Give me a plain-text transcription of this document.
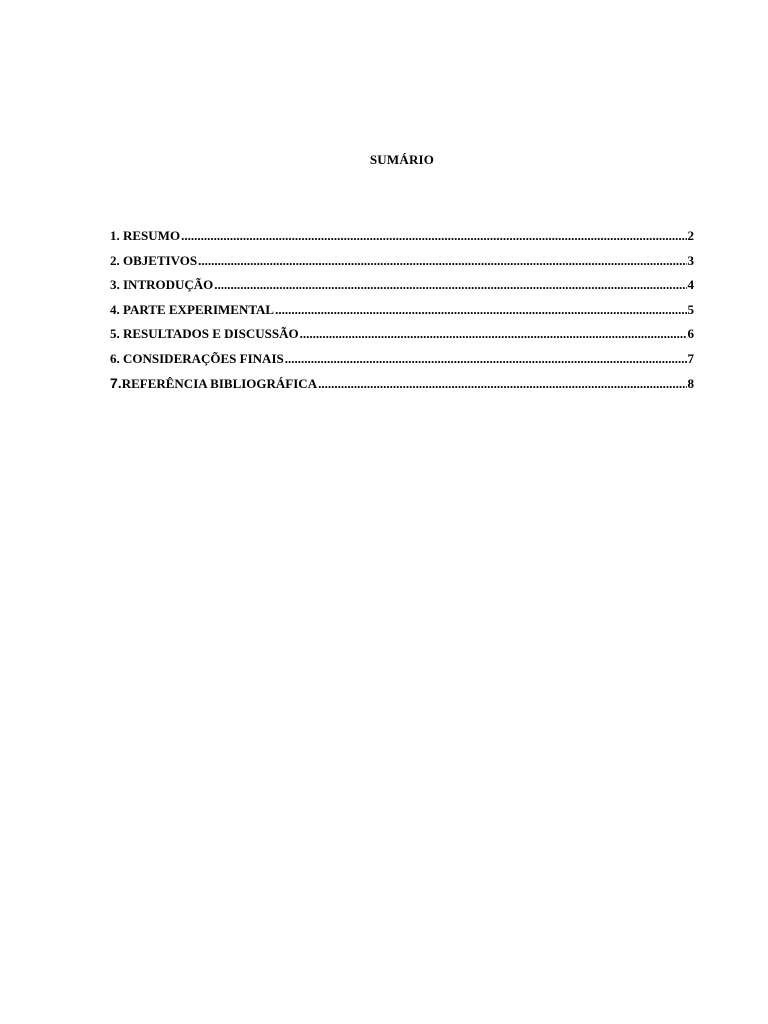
SUMÁRIO
1. RESUMO .....	2
2. OBJETIVOS .....	3
3. INTRODUÇÃO .....	4
4. PARTE EXPERIMENTAL .....	5
5. RESULTADOS E DISCUSSÃO .....	6
6. CONSIDERAÇÕES FINAIS .....	7
7.REFERÊNCIA BIBLIOGRÁFICA .....	8
